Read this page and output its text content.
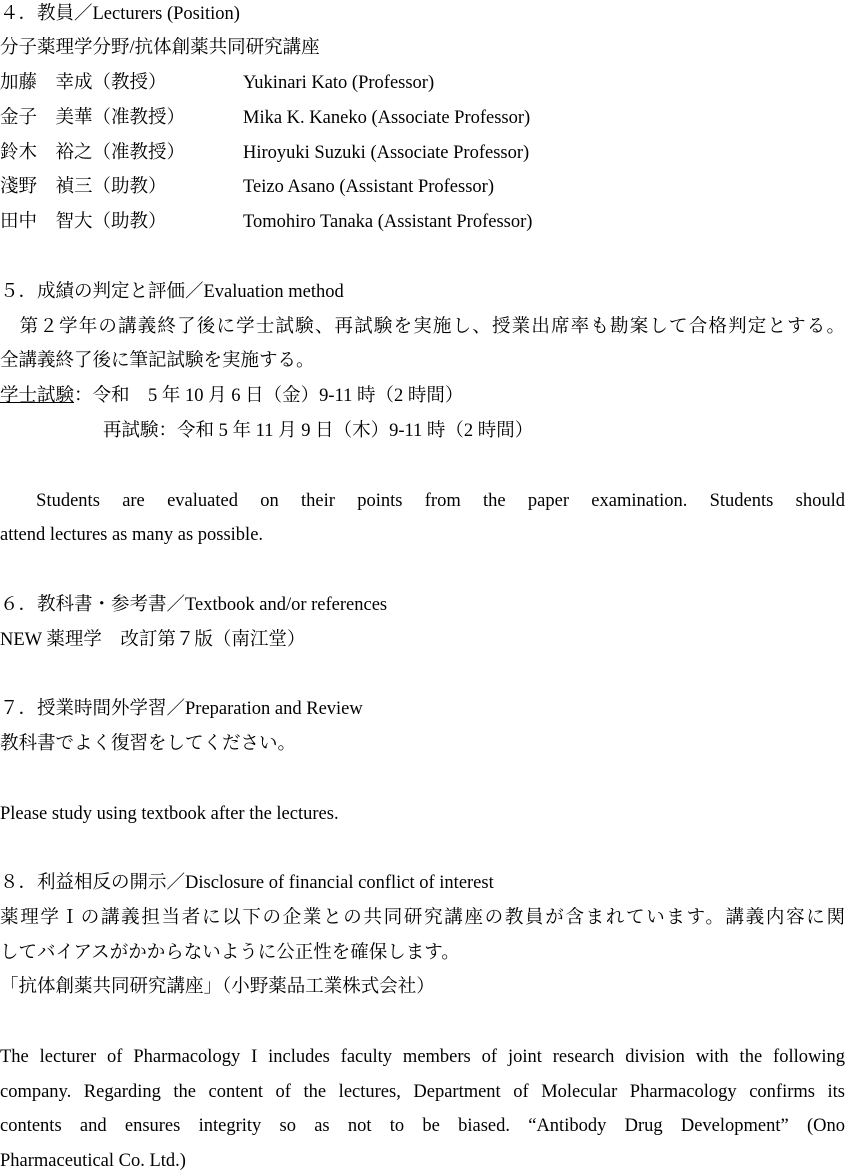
４．教員／Lecturers (Position)
分子薬理学分野/抗体創薬共同研究講座
加藤　幸成（教授）	Yukinari Kato (Professor)
金子　美華（准教授）	Mika K. Kaneko (Associate Professor)
鈴木　裕之（准教授）	Hiroyuki Suzuki (Associate Professor)
淺野　禎三（助教）	Teizo Asano (Assistant Professor)
田中　智大（助教）	Tomohiro Tanaka (Assistant Professor)
５．成績の判定と評価／Evaluation method
　第２学年の講義終了後に学士試験、再試験を実施し、授業出席率も勘案して合格判定とする。
全講義終了後に筆記試験を実施する。
学士試験：令和　5 年 10 月 6 日（金）9-11 時（2 時間）
再試験：令和 5 年 11 月 9 日（木）9-11 時（2 時間）
　Students are evaluated on their points from the paper examination. Students should
attend lectures as many as possible.
６．教科書・参考書／Textbook and/or references
NEW 薬理学　改訂第７版（南江堂）
７．授業時間外学習／Preparation and Review
教科書でよく復習をしてください。
Please study using textbook after the lectures.
８．利益相反の開示／Disclosure of financial conflict of interest
薬理学Ｉの講義担当者に以下の企業との共同研究講座の教員が含まれています。講義内容に関
してバイアスがかからないように公正性を確保します。
「抗体創薬共同研究講座」（小野薬品工業株式会社）
The lecturer of Pharmacology I includes faculty members of joint research division with the following
company. Regarding the content of the lectures, Department of Molecular Pharmacology confirms its
contents and ensures integrity so as not to be biased. “Antibody Drug Development” (Ono
Pharmaceutical Co. Ltd.)
